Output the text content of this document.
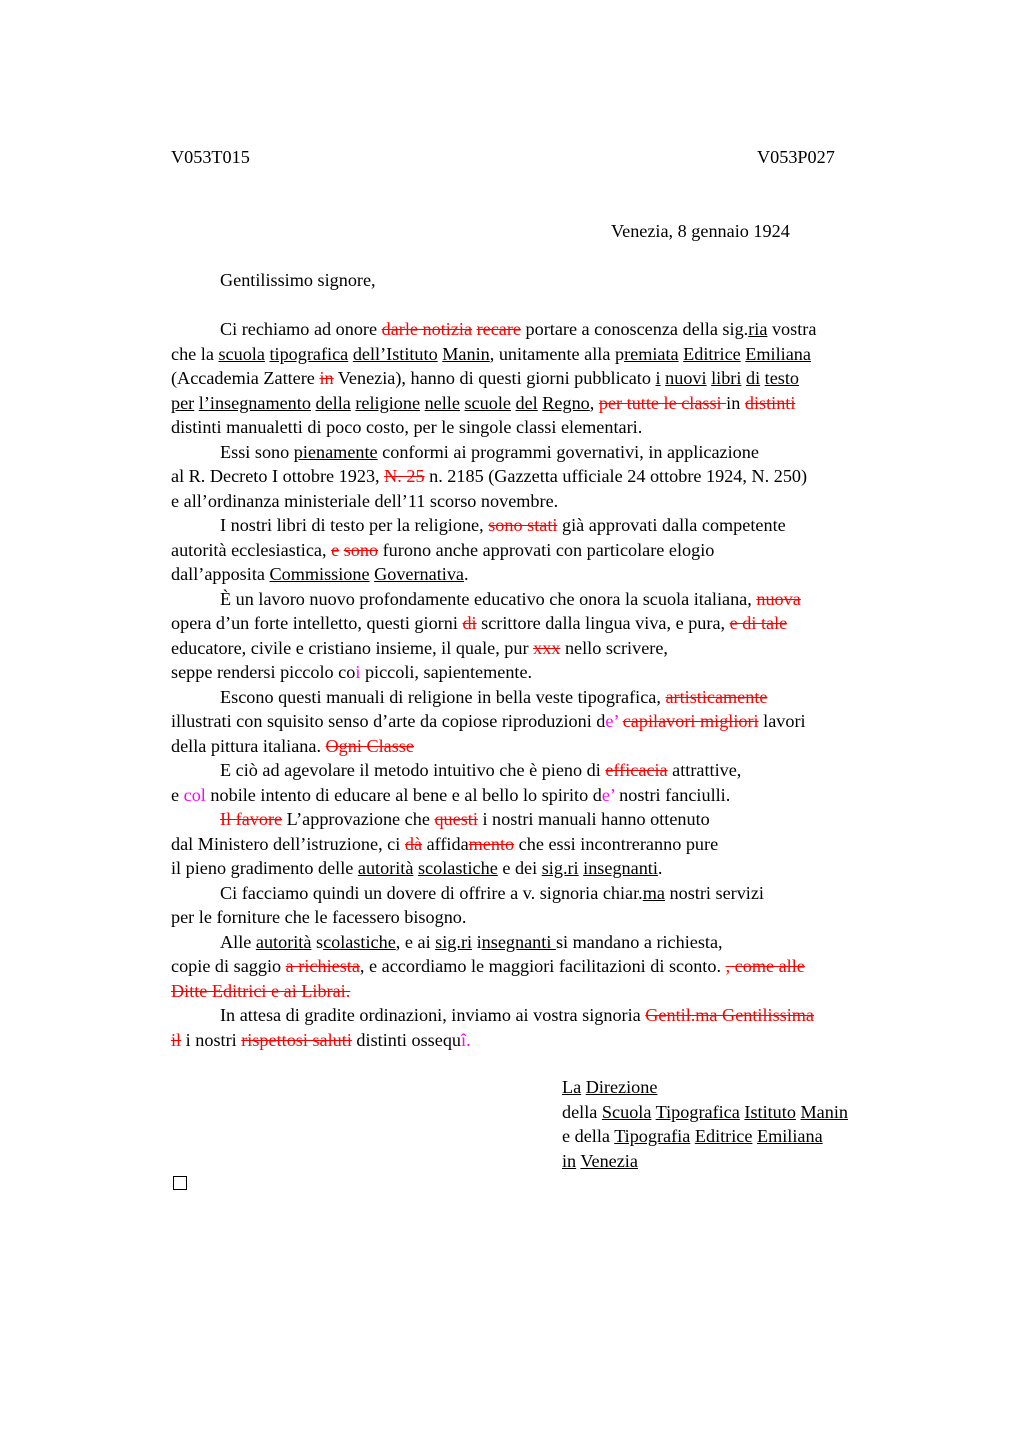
V053T015	V053P027
Venezia, 8 gennaio 1924
Gentilissimo signore,
Ci rechiamo ad onore darle notizia recare portare a conoscenza della sig.ria vostra
che la scuola tipografica dell’Istituto Manin, unitamente alla premiata Editrice Emiliana
(Accademia Zattere in Venezia), hanno di questi giorni pubblicato i nuovi libri di testo
per l’insegnamento della religione nelle scuole del Regno, per tutte le classi in distinti
distinti manualetti di poco costo, per le singole classi elementari.
Essi sono pienamente conformi ai programmi governativi, in applicazione
al R. Decreto I ottobre 1923, N. 25 n. 2185 (Gazzetta ufficiale 24 ottobre 1924, N. 250)
e all’ordinanza ministeriale dell’11 scorso novembre.
I nostri libri di testo per la religione, sono stati già approvati dalla competente
autorità ecclesiastica, e sono furono anche approvati con particolare elogio
dall’apposita Commissione Governativa.
È un lavoro nuovo profondamente educativo che onora la scuola italiana, nuova
opera d’un forte intelletto, questi giorni di scrittore dalla lingua viva, e pura, e di tale
educatore, civile e cristiano insieme, il quale, pur xxx nello scrivere,
seppe rendersi piccolo coi piccoli, sapientemente.
Escono questi manuali di religione in bella veste tipografica, artisticamente
illustrati con squisito senso d’arte da copiose riproduzioni de’ capilavori migliori lavori
della pittura italiana. Ogni Classe
E ciò ad agevolare il metodo intuitivo che è pieno di efficacia attrattive,
e col nobile intento di educare al bene e al bello lo spirito de’ nostri fanciulli.
Il favore L’approvazione che questi i nostri manuali hanno ottenuto
dal Ministero dell’istruzione, ci dà affidamento che essi incontreranno pure
il pieno gradimento delle autorità scolastiche e dei sig.ri insegnanti.
Ci facciamo quindi un dovere di offrire a v. signoria chiar.ma nostri servizi
per le forniture che le facessero bisogno.
Alle autorità scolastiche, e ai sig.ri insegnanti si mandano a richiesta,
copie di saggio a richiesta, e accordiamo le maggiori facilitazioni di sconto. , come alle
Ditte Editrici e ai Librai.
In attesa di gradite ordinazioni, inviamo ai vostra signoria Gentil.ma Gentilissima
il i nostri rispettosi saluti distinti ossequî.
La Direzione
della Scuola Tipografica Istituto Manin
e della Tipografia Editrice Emiliana
in Venezia
